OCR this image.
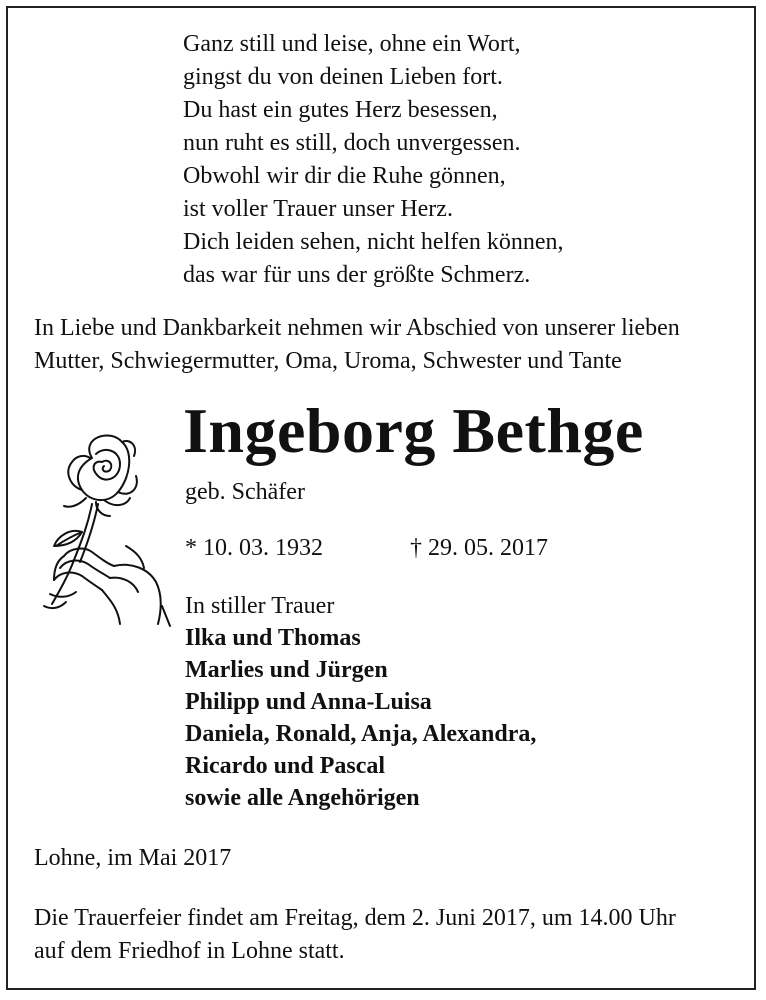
Ganz still und leise, ohne ein Wort,
gingst du von deinen Lieben fort.
Du hast ein gutes Herz besessen,
nun ruht es still, doch unvergessen.
Obwohl wir dir die Ruhe gönnen,
ist voller Trauer unser Herz.
Dich leiden sehen, nicht helfen können,
das war für uns der größte Schmerz.
In Liebe und Dankbarkeit nehmen wir Abschied von unserer lieben
Mutter, Schwiegermutter, Oma, Uroma, Schwester und Tante
Ingeborg Bethge
geb. Schäfer
* 10. 03. 1932	† 29. 05. 2017
In stiller Trauer
Ilka und Thomas
Marlies und Jürgen
Philipp und Anna-Luisa
Daniela, Ronald, Anja, Alexandra,
Ricardo und Pascal
sowie alle Angehörigen
Lohne, im Mai 2017
Die Trauerfeier findet am Freitag, dem 2. Juni 2017, um 14.00 Uhr
auf dem Friedhof in Lohne statt.
